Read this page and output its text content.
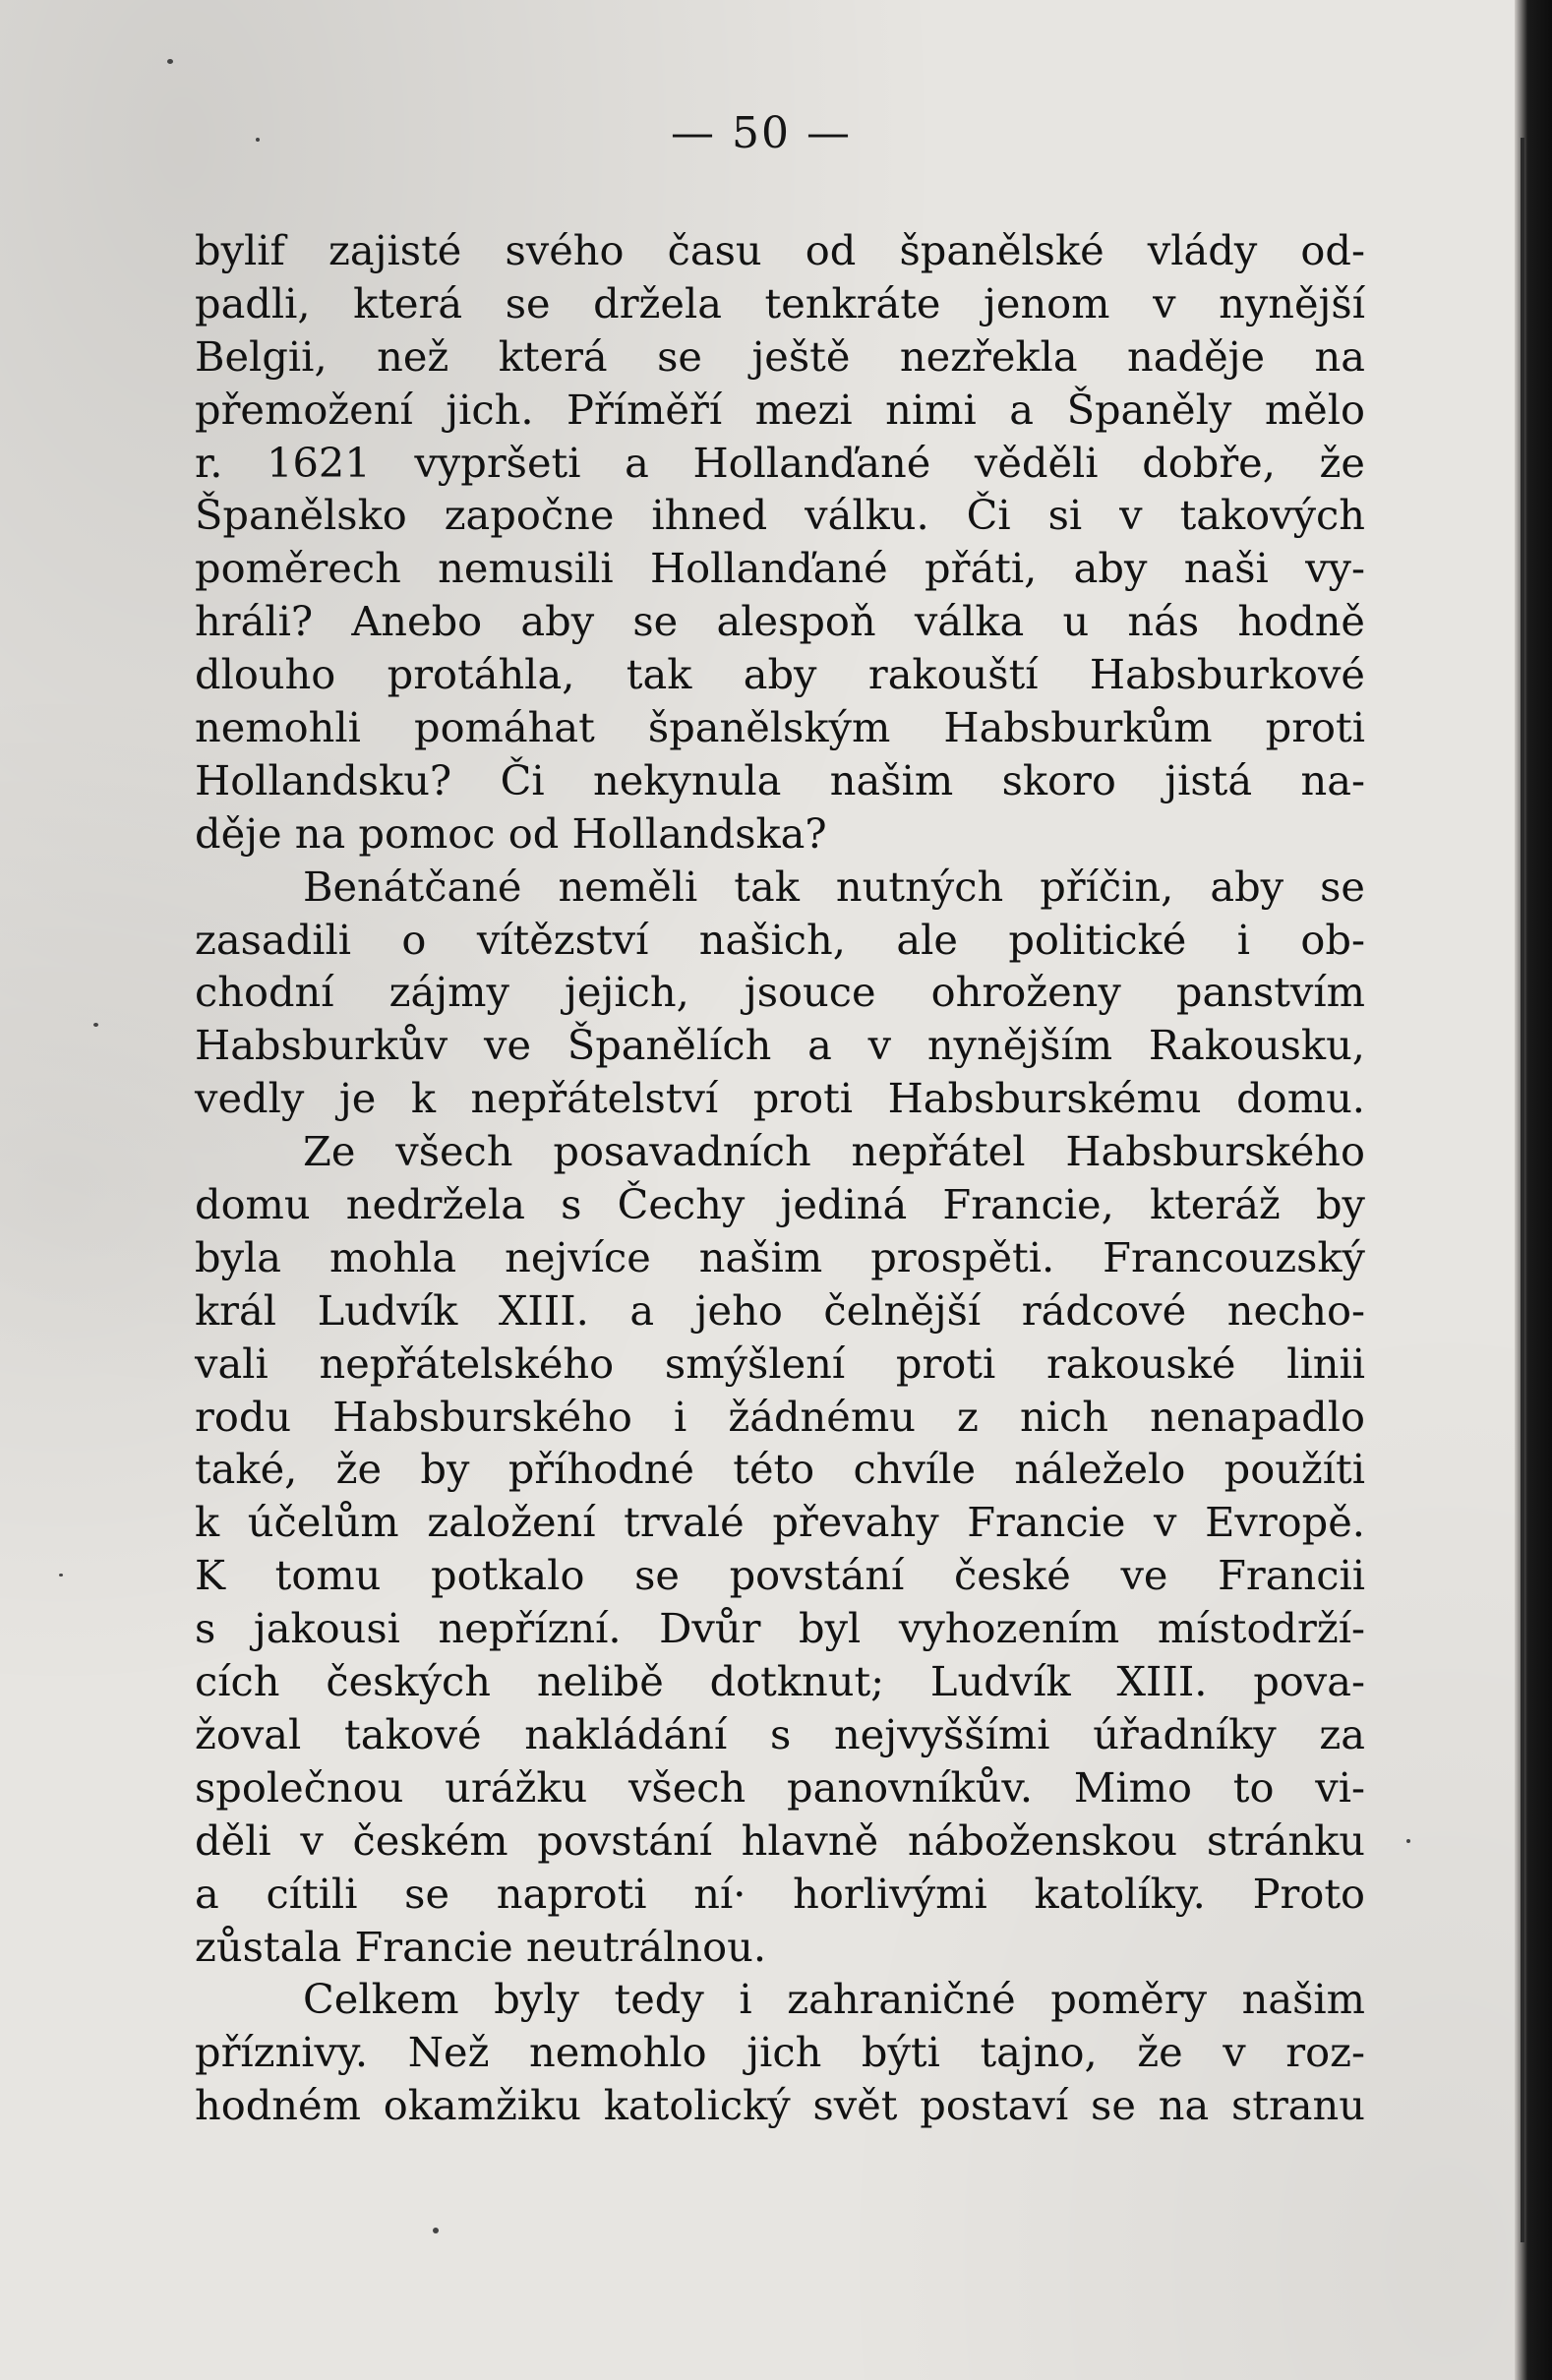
— 50 —
bylif zajisté svého času od španělské vlády od-
padli, která se držela tenkráte jenom v nynější
Belgii, než která se ještě nezřekla naděje na
přemožení jich. Příměří mezi nimi a Španěly mělo
r. 1621 vypršeti a Hollanďané věděli dobře, že
Španělsko započne ihned válku. Či si v takových
poměrech nemusili Hollanďané přáti, aby naši vy-
hráli? Anebo aby se alespoň válka u nás hodně
dlouho protáhla, tak aby rakouští Habsburkové
nemohli pomáhat španělským Habsburkům proti
Hollandsku? Či nekynula našim skoro jistá na-
děje na pomoc od Hollandska?
Benátčané neměli tak nutných příčin, aby se
zasadili o vítězství našich, ale politické i ob-
chodní zájmy jejich, jsouce ohroženy panstvím
Habsburkův ve Španělích a v nynějším Rakousku,
vedly je k nepřátelství proti Habsburskému domu.
Ze všech posavadních nepřátel Habsburského
domu nedržela s Čechy jediná Francie, kteráž by
byla mohla nejvíce našim prospěti. Francouzský
král Ludvík XIII. a jeho čelnější rádcové necho-
vali nepřátelského smýšlení proti rakouské linii
rodu Habsburského i žádnému z nich nenapadlo
také, že by příhodné této chvíle náleželo použíti
k účelům založení trvalé převahy Francie v Evropě.
K tomu potkalo se povstání české ve Francii
s jakousi nepřízní. Dvůr byl vyhozením místodrží-
cích českých nelibě dotknut; Ludvík XIII. pova-
žoval takové nakládání s nejvyššími úřadníky za
společnou urážku všech panovníkův. Mimo to vi-
děli v českém povstání hlavně náboženskou stránku
a cítili se naproti ní· horlivými katolíky. Proto
zůstala Francie neutrálnou.
Celkem byly tedy i zahraničné poměry našim
příznivy. Než nemohlo jich býti tajno, že v roz-
hodném okamžiku katolický svět postaví se na stranu
